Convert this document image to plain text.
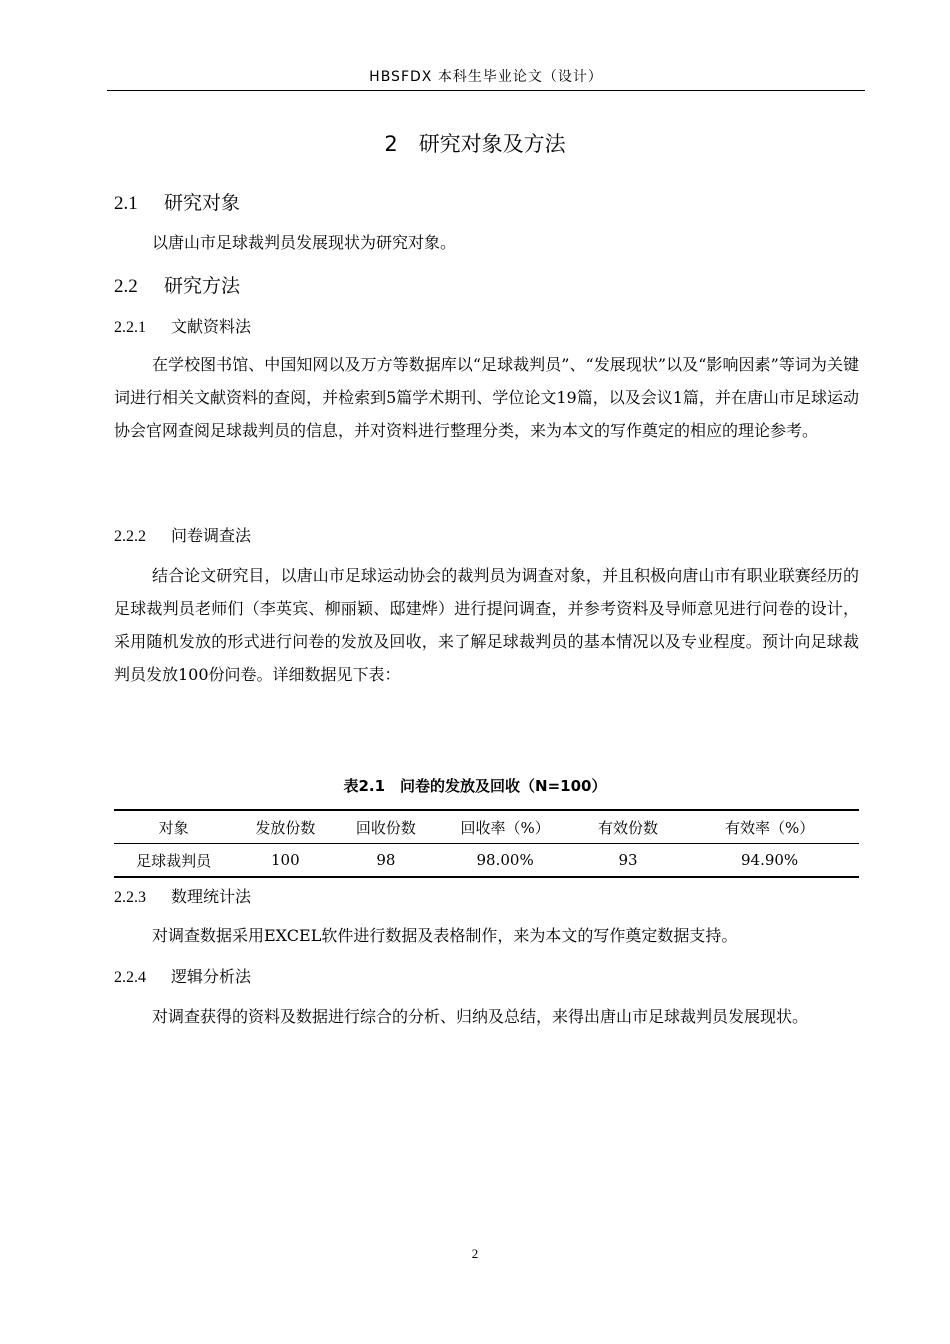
HBSFDX 本科生毕业论文（设计）
2　 研究对象及方法
2.1 研究对象

以唐山市足球裁判员发展现状为研究对象。

2.2 研究方法
2.2.1 文献资料法

在学校图书馆、中国知网以及万方等数据库以“足球裁判员”、“发展现状”以及“影响因素”等词为关键词进行相关文献资料的查阅，并检索到5篇学术期刊、学位论文19篇，以及会议1篇，并在唐山市足球运动协会官网查阅足球裁判员的信息，并对资料进行整理分类，来为本文的写作奠定的相应的理论参考。

2.2.2 问卷调查法

结合论文研究目，以唐山市足球运动协会的裁判员为调查对象，并且积极向唐山市有职业联赛经历的足球裁判员老师们（李英宾、柳丽颖、邸建烨）进行提问调查，并参考资料及导师意见进行问卷的设计，采用随机发放的形式进行问卷的发放及回收，来了解足球裁判员的基本情况以及专业程度。预计向足球裁判员发放100份问卷。详细数据见下表：

表2.1　问卷的发放及回收（N=100）
对象	发放份数	回收份数	回收率（%）	有效份数	有效率（%）
足球裁判员	100	98	98.00%	93	94.90%
2.2.3 数理统计法

对调查数据采用EXCEL软件进行数据及表格制作，来为本文的写作奠定数据支持。

2.2.4 逻辑分析法

对调查获得的资料及数据进行综合的分析、归纳及总结，来得出唐山市足球裁判员发展现状。

2
